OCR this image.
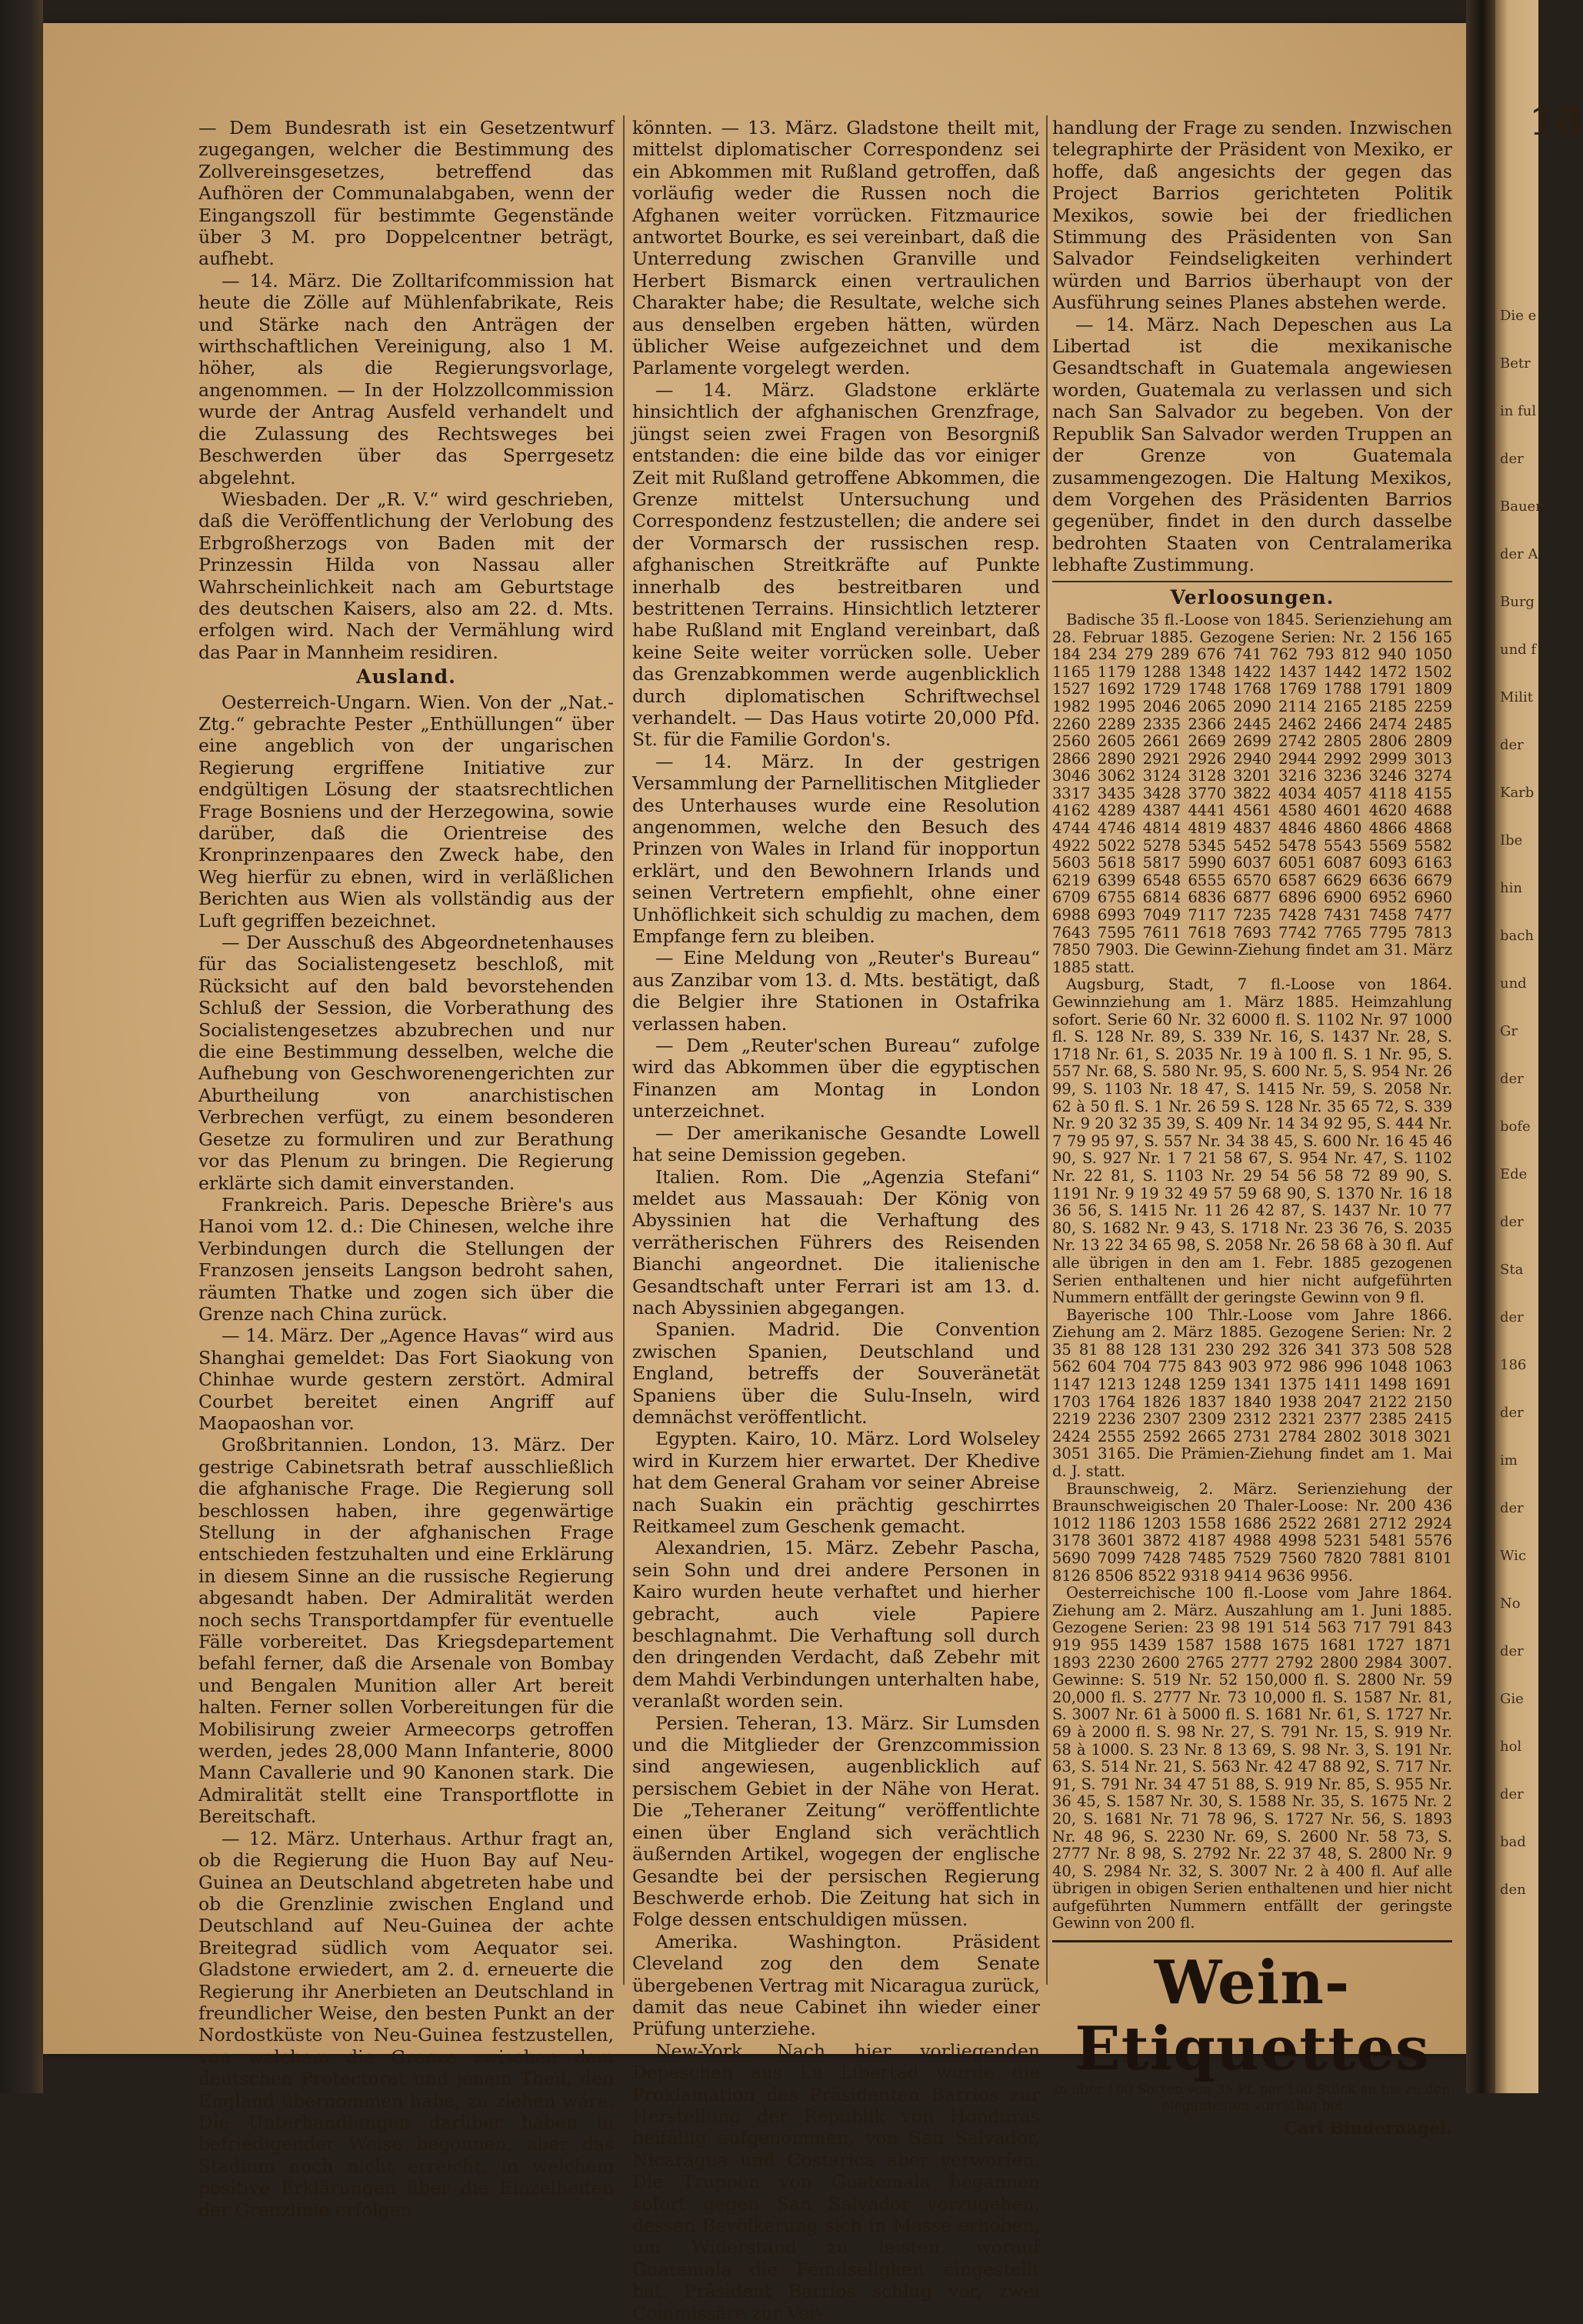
— Dem Bundesrath ist ein Gesetzentwurf zugegangen, welcher die Bestimmung des Zollvereinsgesetzes, betreffend das Aufhören der Communalabgaben, wenn der Eingangszoll für bestimmte Gegenstände über 3 M. pro Doppelcentner beträgt, aufhebt.

— 14. März. Die Zolltarifcommission hat heute die Zölle auf Mühlenfabrikate, Reis und Stärke nach den Anträgen der wirthschaftlichen Vereinigung, also 1 M. höher, als die Regierungsvorlage, angenommen. — In der Holzzollcommission wurde der Antrag Ausfeld verhandelt und die Zulassung des Rechtsweges bei Beschwerden über das Sperrgesetz abgelehnt.

Wiesbaden. Der „R. V.“ wird geschrieben, daß die Veröffentlichung der Verlobung des Erbgroßherzogs von Baden mit der Prinzessin Hilda von Nassau aller Wahrscheinlichkeit nach am Geburtstage des deutschen Kaisers, also am 22. d. Mts. erfolgen wird. Nach der Vermählung wird das Paar in Mannheim residiren.

Ausland.

Oesterreich-Ungarn. Wien. Von der „Nat.-Ztg.“ gebrachte Pester „Enthüllungen“ über eine angeblich von der ungarischen Regierung ergriffene Initiative zur endgültigen Lösung der staatsrechtlichen Frage Bosniens und der Herzegowina, sowie darüber, daß die Orientreise des Kronprinzenpaares den Zweck habe, den Weg hierfür zu ebnen, wird in verläßlichen Berichten aus Wien als vollständig aus der Luft gegriffen bezeichnet.

— Der Ausschuß des Abgeordnetenhauses für das Socialistengesetz beschloß, mit Rücksicht auf den bald bevorstehenden Schluß der Session, die Vorberathung des Socialistengesetzes abzubrechen und nur die eine Bestimmung desselben, welche die Aufhebung von Geschworenengerichten zur Aburtheilung von anarchistischen Verbrechen verfügt, zu einem besonderen Gesetze zu formuliren und zur Berathung vor das Plenum zu bringen. Die Regierung erklärte sich damit einverstanden.

Frankreich. Paris. Depesche Brière's aus Hanoi vom 12. d.: Die Chinesen, welche ihre Verbindungen durch die Stellungen der Franzosen jenseits Langson bedroht sahen, räumten Thatke und zogen sich über die Grenze nach China zurück.

— 14. März. Der „Agence Havas“ wird aus Shanghai gemeldet: Das Fort Siaokung von Chinhae wurde gestern zerstört. Admiral Courbet bereitet einen Angriff auf Maopaoshan vor.

Großbritannien. London, 13. März. Der gestrige Cabinetsrath betraf ausschließlich die afghanische Frage. Die Regierung soll beschlossen haben, ihre gegenwärtige Stellung in der afghanischen Frage entschieden festzuhalten und eine Erklärung in diesem Sinne an die russische Regierung abgesandt haben. Der Admiralität werden noch sechs Transportdampfer für eventuelle Fälle vorbereitet. Das Kriegsdepartement befahl ferner, daß die Arsenale von Bombay und Bengalen Munition aller Art bereit halten. Ferner sollen Vorbereitungen für die Mobilisirung zweier Armeecorps getroffen werden, jedes 28,000 Mann Infanterie, 8000 Mann Cavallerie und 90 Kanonen stark. Die Admiralität stellt eine Transportflotte in Bereitschaft.

— 12. März. Unterhaus. Arthur fragt an, ob die Regierung die Huon Bay auf Neu-Guinea an Deutschland abgetreten habe und ob die Grenzlinie zwischen England und Deutschland auf Neu-Guinea der achte Breitegrad südlich vom Aequator sei. Gladstone erwiedert, am 2. d. erneuerte die Regierung ihr Anerbieten an Deutschland in freundlicher Weise, den besten Punkt an der Nordostküste von Neu-Guinea festzustellen, von welchem die Grenze zwischen dem deutschen Protectorat und jenem Theil, den England übernommen habe, zu ziehen wäre. Die Unterhandlungen darüber haben in befriedigender Weise begonnen, aber das Stadium noch nicht erreicht, in welchem positive Erklärungen über die Einzelheiten der Grenzlinie erfolgen

könnten. — 13. März. Gladstone theilt mit, mittelst diplomatischer Correspondenz sei ein Abkommen mit Rußland getroffen, daß vorläufig weder die Russen noch die Afghanen weiter vorrücken. Fitzmaurice antwortet Bourke, es sei vereinbart, daß die Unterredung zwischen Granville und Herbert Bismarck einen vertraulichen Charakter habe; die Resultate, welche sich aus denselben ergeben hätten, würden üblicher Weise aufgezeichnet und dem Parlamente vorgelegt werden.

— 14. März. Gladstone erklärte hinsichtlich der afghanischen Grenzfrage, jüngst seien zwei Fragen von Besorgniß entstanden: die eine bilde das vor einiger Zeit mit Rußland getroffene Abkommen, die Grenze mittelst Untersuchung und Correspondenz festzustellen; die andere sei der Vormarsch der russischen resp. afghanischen Streitkräfte auf Punkte innerhalb des bestreitbaren und bestrittenen Terrains. Hinsichtlich letzterer habe Rußland mit England vereinbart, daß keine Seite weiter vorrücken solle. Ueber das Grenzabkommen werde augenblicklich durch diplomatischen Schriftwechsel verhandelt. — Das Haus votirte 20,000 Pfd. St. für die Familie Gordon's.

— 14. März. In der gestrigen Versammlung der Parnellitischen Mitglieder des Unterhauses wurde eine Resolution angenommen, welche den Besuch des Prinzen von Wales in Irland für inopportun erklärt, und den Bewohnern Irlands und seinen Vertretern empfiehlt, ohne einer Unhöflichkeit sich schuldig zu machen, dem Empfange fern zu bleiben.

— Eine Meldung von „Reuter's Bureau“ aus Zanzibar vom 13. d. Mts. bestätigt, daß die Belgier ihre Stationen in Ostafrika verlassen haben.

— Dem „Reuter'schen Bureau“ zufolge wird das Abkommen über die egyptischen Finanzen am Montag in London unterzeichnet.

— Der amerikanische Gesandte Lowell hat seine Demission gegeben.

Italien. Rom. Die „Agenzia Stefani“ meldet aus Massauah: Der König von Abyssinien hat die Verhaftung des verrätherischen Führers des Reisenden Bianchi angeordnet. Die italienische Gesandtschaft unter Ferrari ist am 13. d. nach Abyssinien abgegangen.

Spanien. Madrid. Die Convention zwischen Spanien, Deutschland und England, betreffs der Souveränetät Spaniens über die Sulu-Inseln, wird demnächst veröffentlicht.

Egypten. Kairo, 10. März. Lord Wolseley wird in Kurzem hier erwartet. Der Khedive hat dem General Graham vor seiner Abreise nach Suakin ein prächtig geschirrtes Reitkameel zum Geschenk gemacht.

Alexandrien, 15. März. Zebehr Pascha, sein Sohn und drei andere Personen in Kairo wurden heute verhaftet und hierher gebracht, auch viele Papiere beschlagnahmt. Die Verhaftung soll durch den dringenden Verdacht, daß Zebehr mit dem Mahdi Verbindungen unterhalten habe, veranlaßt worden sein.

Persien. Teheran, 13. März. Sir Lumsden und die Mitglieder der Grenzcommission sind angewiesen, augenblicklich auf persischem Gebiet in der Nähe von Herat. Die „Teheraner Zeitung“ veröffentlichte einen über England sich verächtlich äußernden Artikel, wogegen der englische Gesandte bei der persischen Regierung Beschwerde erhob. Die Zeitung hat sich in Folge dessen entschuldigen müssen.

Amerika. Washington. Präsident Cleveland zog den dem Senate übergebenen Vertrag mit Nicaragua zurück, damit das neue Cabinet ihn wieder einer Prüfung unterziehe.

New-York. Nach hier vorliegenden Depeschen aus La Libertad wurde die Proklamation des Präsidenten Barrios zur Herstellung der Republik von Honduras beifällig aufgenommen, von San Salvador, Nicaragua und Costarica aber verworfen. Die Truppen von Guatemala begannen sofort gegen San Salvador vorzugehen, dessen Bevölkerung sich in Masse erhoben, um Widerstand zu leisten, worauf Guatemala die Feindseligkeit eingestellt hat. Präsident Barrios schlug vor, zwei Commissäre zur Ver-

handlung der Frage zu senden. Inzwischen telegraphirte der Präsident von Mexiko, er hoffe, daß angesichts der gegen das Project Barrios gerichteten Politik Mexikos, sowie bei der friedlichen Stimmung des Präsidenten von San Salvador Feindseligkeiten verhindert würden und Barrios überhaupt von der Ausführung seines Planes abstehen werde.

— 14. März. Nach Depeschen aus La Libertad ist die mexikanische Gesandtschaft in Guatemala angewiesen worden, Guatemala zu verlassen und sich nach San Salvador zu begeben. Von der Republik San Salvador werden Truppen an der Grenze von Guatemala zusammengezogen. Die Haltung Mexikos, dem Vorgehen des Präsidenten Barrios gegenüber, findet in den durch dasselbe bedrohten Staaten von Centralamerika lebhafte Zustimmung.

Verloosungen.

Badische 35 fl.-Loose von 1845. Serienziehung am 28. Februar 1885. Gezogene Serien: Nr. 2 156 165 184 234 279 289 676 741 762 793 812 940 1050 1165 1179 1288 1348 1422 1437 1442 1472 1502 1527 1692 1729 1748 1768 1769 1788 1791 1809 1982 1995 2046 2065 2090 2114 2165 2185 2259 2260 2289 2335 2366 2445 2462 2466 2474 2485 2560 2605 2661 2669 2699 2742 2805 2806 2809 2866 2890 2921 2926 2940 2944 2992 2999 3013 3046 3062 3124 3128 3201 3216 3236 3246 3274 3317 3435 3428 3770 3822 4034 4057 4118 4155 4162 4289 4387 4441 4561 4580 4601 4620 4688 4744 4746 4814 4819 4837 4846 4860 4866 4868 4922 5022 5278 5345 5452 5478 5543 5569 5582 5603 5618 5817 5990 6037 6051 6087 6093 6163 6219 6399 6548 6555 6570 6587 6629 6636 6679 6709 6755 6814 6836 6877 6896 6900 6952 6960 6988 6993 7049 7117 7235 7428 7431 7458 7477 7643 7595 7611 7618 7693 7742 7765 7795 7813 7850 7903. Die Gewinn-Ziehung findet am 31. März 1885 statt.

Augsburg, Stadt, 7 fl.-Loose von 1864. Gewinnziehung am 1. März 1885. Heimzahlung sofort. Serie 60 Nr. 32 6000 fl. S. 1102 Nr. 97 1000 fl. S. 128 Nr. 89, S. 339 Nr. 16, S. 1437 Nr. 28, S. 1718 Nr. 61, S. 2035 Nr. 19 à 100 fl. S. 1 Nr. 95, S. 557 Nr. 68, S. 580 Nr. 95, S. 600 Nr. 5, S. 954 Nr. 26 99, S. 1103 Nr. 18 47, S. 1415 Nr. 59, S. 2058 Nr. 62 à 50 fl. S. 1 Nr. 26 59 S. 128 Nr. 35 65 72, S. 339 Nr. 9 20 32 35 39, S. 409 Nr. 14 34 92 95, S. 444 Nr. 7 79 95 97, S. 557 Nr. 34 38 45, S. 600 Nr. 16 45 46 90, S. 927 Nr. 1 7 21 58 67, S. 954 Nr. 47, S. 1102 Nr. 22 81, S. 1103 Nr. 29 54 56 58 72 89 90, S. 1191 Nr. 9 19 32 49 57 59 68 90, S. 1370 Nr. 16 18 36 56, S. 1415 Nr. 11 26 42 87, S. 1437 Nr. 10 77 80, S. 1682 Nr. 9 43, S. 1718 Nr. 23 36 76, S. 2035 Nr. 13 22 34 65 98, S. 2058 Nr. 26 58 68 à 30 fl. Auf alle übrigen in den am 1. Febr. 1885 gezogenen Serien enthaltenen und hier nicht aufgeführten Nummern entfällt der geringste Gewinn von 9 fl.

Bayerische 100 Thlr.-Loose vom Jahre 1866. Ziehung am 2. März 1885. Gezogene Serien: Nr. 2 35 81 88 128 131 230 292 326 341 373 508 528 562 604 704 775 843 903 972 986 996 1048 1063 1147 1213 1248 1259 1341 1375 1411 1498 1691 1703 1764 1826 1837 1840 1938 2047 2122 2150 2219 2236 2307 2309 2312 2321 2377 2385 2415 2424 2555 2592 2665 2731 2784 2802 3018 3021 3051 3165. Die Prämien-Ziehung findet am 1. Mai d. J. statt.

Braunschweig, 2. März. Serienziehung der Braunschweigischen 20 Thaler-Loose: Nr. 200 436 1012 1186 1203 1558 1686 2522 2681 2712 2924 3178 3601 3872 4187 4988 4998 5231 5481 5576 5690 7099 7428 7485 7529 7560 7820 7881 8101 8126 8506 8522 9318 9414 9636 9956.

Oesterreichische 100 fl.-Loose vom Jahre 1864. Ziehung am 2. März. Auszahlung am 1. Juni 1885. Gezogene Serien: 23 98 191 514 563 717 791 843 919 955 1439 1587 1588 1675 1681 1727 1871 1893 2230 2600 2765 2777 2792 2800 2984 3007. Gewinne: S. 519 Nr. 52 150,000 fl. S. 2800 Nr. 59 20,000 fl. S. 2777 Nr. 73 10,000 fl. S. 1587 Nr. 81, S. 3007 Nr. 61 à 5000 fl. S. 1681 Nr. 61, S. 1727 Nr. 69 à 2000 fl. S. 98 Nr. 27, S. 791 Nr. 15, S. 919 Nr. 58 à 1000. S. 23 Nr. 8 13 69, S. 98 Nr. 3, S. 191 Nr. 63, S. 514 Nr. 21, S. 563 Nr. 42 47 88 92, S. 717 Nr. 91, S. 791 Nr. 34 47 51 88, S. 919 Nr. 85, S. 955 Nr. 36 45, S. 1587 Nr. 30, S. 1588 Nr. 35, S. 1675 Nr. 2 20, S. 1681 Nr. 71 78 96, S. 1727 Nr. 56, S. 1893 Nr. 48 96, S. 2230 Nr. 69, S. 2600 Nr. 58 73, S. 2777 Nr. 8 98, S. 2792 Nr. 22 37 48, S. 2800 Nr. 9 40, S. 2984 Nr. 32, S. 3007 Nr. 2 à 400 fl. Auf alle übrigen in obigen Serien enthaltenen und hier nicht aufgeführten Nummern entfällt der geringste Gewinn von 200 fl.

Wein-Etiquettes
in über 100 Sorten von 35 Pf. per 100 Stück an bis zu den elegantesten vorräthig bei
Carl Bindernagel.
18
Die e
Betr
in ful
der
Bauer
der A
Burg
und f
Milit
der
Karb
Ibe
hin
bach
und
Gr
der
bofe
Ede
der
Sta
der
186
der
im
der
Wic
No
der
Gie
hol
der
bad
den
